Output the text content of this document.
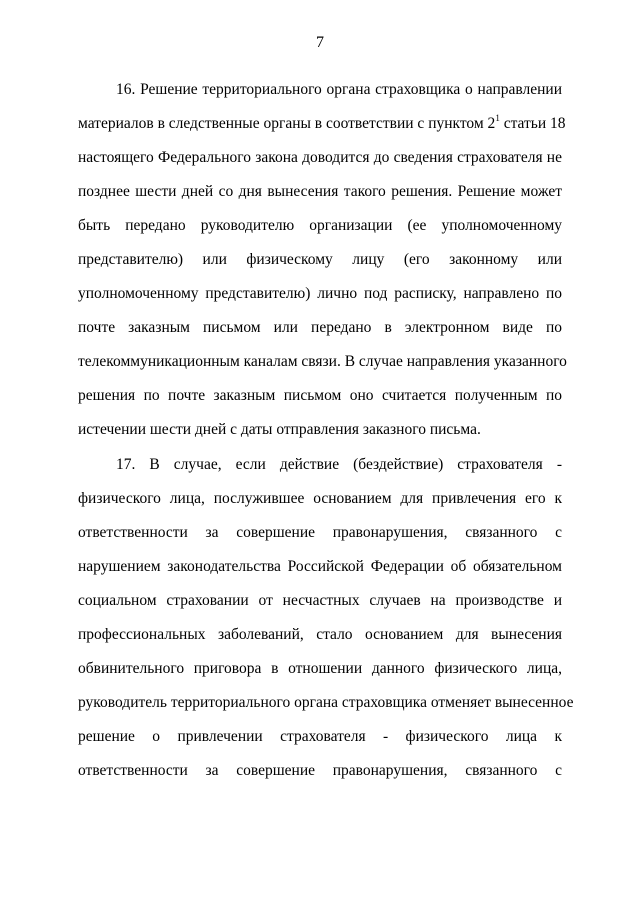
7
16. Решение территориального органа страховщика о направлении
материалов в следственные органы в соответствии с пунктом $2^1$ статьи 18
настоящего Федерального закона доводится до сведения страхователя не
позднее шести дней со дня вынесения такого решения. Решение может
быть передано руководителю организации (ее уполномоченному
представителю) или физическому лицу (его законному или
уполномоченному представителю) лично под расписку, направлено по
почте заказным письмом или передано в электронном виде по
телекоммуникационным каналам связи. В случае направления указанного
решения по почте заказным письмом оно считается полученным по
истечении шести дней с даты отправления заказного письма.
17. В случае, если действие (бездействие) страхователя -
физического лица, послужившее основанием для привлечения его к
ответственности за совершение правонарушения, связанного с
нарушением законодательства Российской Федерации об обязательном
социальном страховании от несчастных случаев на производстве и
профессиональных заболеваний, стало основанием для вынесения
обвинительного приговора в отношении данного физического лица,
руководитель территориального органа страховщика отменяет вынесенное
решение о привлечении страхователя - физического лица к
ответственности за совершение правонарушения, связанного с
